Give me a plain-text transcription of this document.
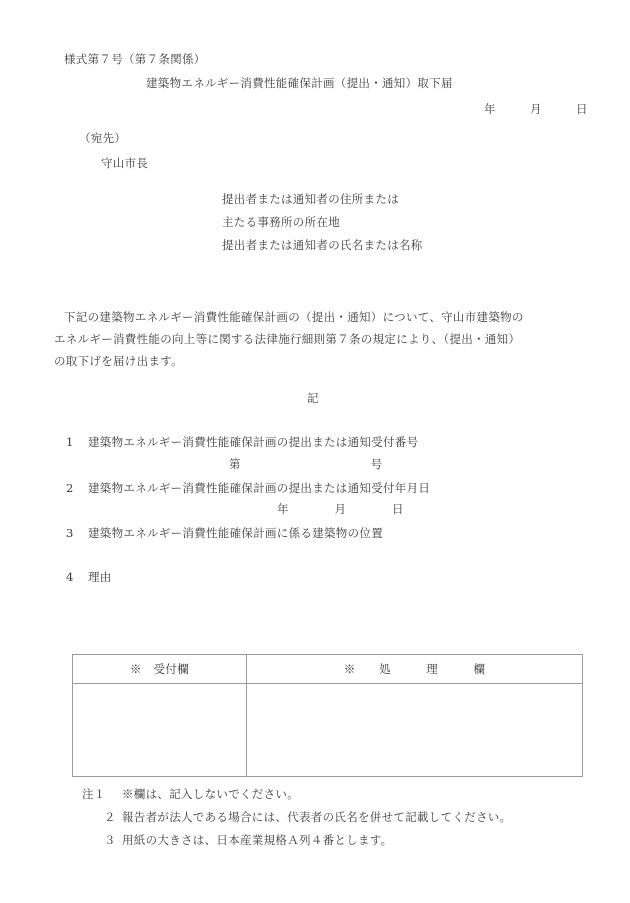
様式第７号（第７条関係）
建築物エネルギー消費性能確保計画（提出・通知）取下届
年　　　月　　　日
（宛先）
守山市長
提出者または通知者の住所または
主たる事務所の所在地
提出者または通知者の氏名または名称
下記の建築物エネルギー消費性能確保計画の（提出・通知）について、守山市建築物の
エネルギー消費性能の向上等に関する法律施行細則第７条の規定により、（提出・通知）
の取下げを届け出ます。
記
1 建築物エネルギー消費性能確保計画の提出または通知受付番号
第　　　　　　　　　　　号
2 建築物エネルギー消費性能確保計画の提出または通知受付年月日
年　　　　月　　　　日
3 建築物エネルギー消費性能確保計画に係る建築物の位置
4 理由
※　受付欄	※　　処　　　理　　　欄

注１ ※欄は、記入しないでください。
２ 報告者が法人である場合には、代表者の氏名を併せて記載してください。
３ 用紙の大きさは、日本産業規格Ａ列４番とします。
